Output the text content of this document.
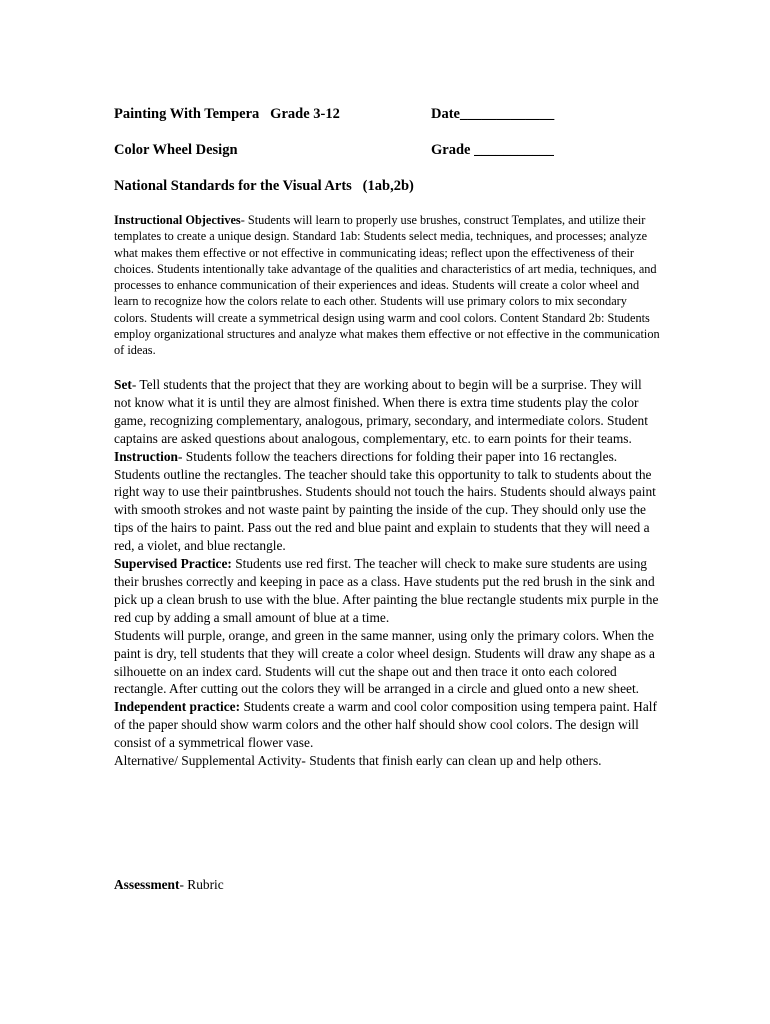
Painting With Tempera   Grade 3-12	Date_____________
Color Wheel Design	Grade ___________
National Standards for the Visual Arts   (1ab,2b)
Instructional Objectives- Students will learn to properly use brushes, construct Templates, and utilize their templates to create a unique design. Standard 1ab: Students select media, techniques, and processes; analyze what makes them effective or not effective in communicating ideas; reflect upon the effectiveness of their choices. Students intentionally take advantage of the qualities and characteristics of art media, techniques, and processes to enhance communication of their experiences and ideas. Students will create a color wheel and learn to recognize how the colors relate to each other. Students will use primary colors to mix secondary colors. Students will create a symmetrical design using warm and cool colors. Content Standard 2b: Students employ organizational structures and analyze what makes them effective or not effective in the communication of ideas.

Set- Tell students that the project that they are working about to begin will be a surprise. They will not know what it is until they are almost finished. When there is extra time students play the color game, recognizing complementary, analogous, primary, secondary, and intermediate colors. Student captains are asked questions about analogous, complementary, etc. to earn points for their teams.

Instruction- Students follow the teachers directions for folding their paper into 16 rectangles. Students outline the rectangles. The teacher should take this opportunity to talk to students about the right way to use their paintbrushes. Students should not touch the hairs. Students should always paint with smooth strokes and not waste paint by painting the inside of the cup. They should only use the tips of the hairs to paint. Pass out the red and blue paint and explain to students that they will need a red, a violet, and blue rectangle.

Supervised Practice: Students use red first. The teacher will check to make sure students are using their brushes correctly and keeping in pace as a class. Have students put the red brush in the sink and pick up a clean brush to use with the blue. After painting the blue rectangle students mix purple in the red cup by adding a small amount of blue at a time.

Students will purple, orange, and green in the same manner, using only the primary colors. When the paint is dry, tell students that they will create a color wheel design. Students will draw any shape as a silhouette on an index card. Students will cut the shape out and then trace it onto each colored rectangle. After cutting out the colors they will be arranged in a circle and glued onto a new sheet.

Independent practice: Students create a warm and cool color composition using tempera paint. Half of the paper should show warm colors and the other half should show cool colors. The design will consist of a symmetrical flower vase.

Alternative/ Supplemental Activity- Students that finish early can clean up and help others.

Assessment- Rubric
